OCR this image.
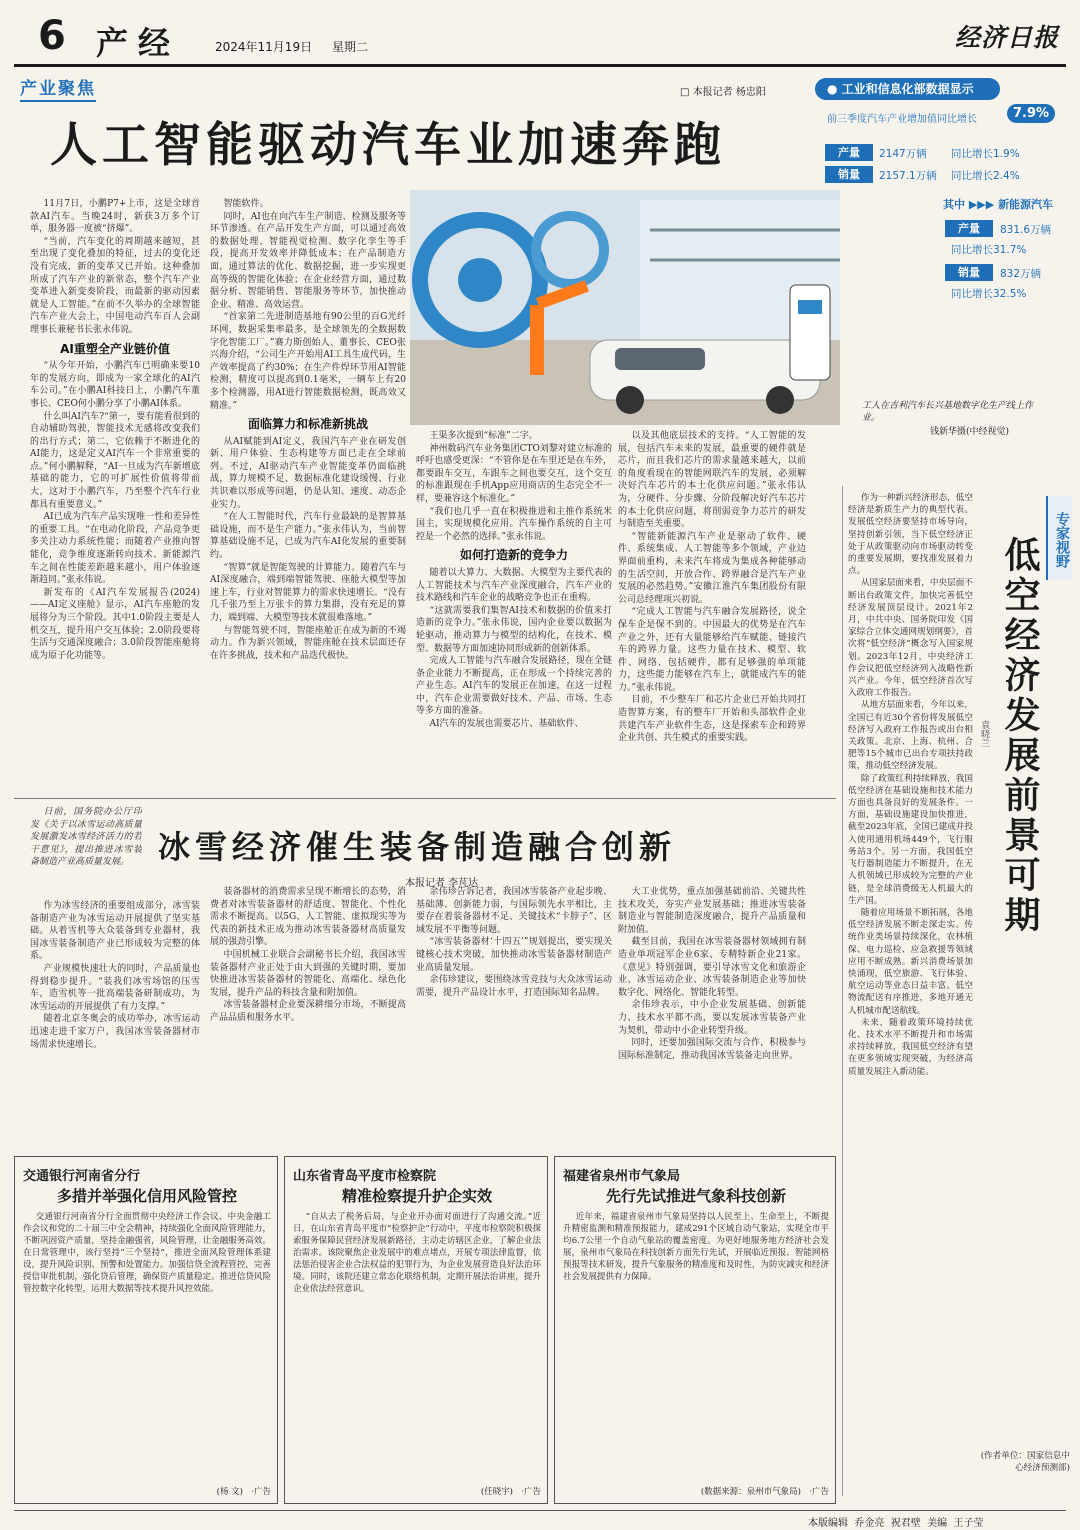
6 产经	2024年11月19日 星期二	经济日报
产业聚焦	□ 本报记者 杨忠阳
人工智能驱动汽车业加速奔跑
● 工业和信息化部数据显示
前三季度汽车产业增加值同比增长	7.9%
产量	2147万辆 同比增长1.9%
销量	2157.1万辆 同比增长2.4%
其中 ▶▶▶ 新能源汽车
产量	831.6万辆
同比增长31.7%
销量	832万辆
同比增长32.5%

11月7日，小鹏P7+上市，这是全球首款AI汽车。当晚24时，新获3万多个订单，服务器一度被“挤爆”。

“当前，汽车变化的周期越来越短，甚至出现了变化叠加的特征，过去的变化还没有完成，新的变革又已开始。这种叠加所成了汽车产业的新常态，整个汽车产业变革进入新变奏阶段，而最新的驱动因素就是人工智能。”在前不久举办的全球智能汽车产业大会上，中国电动汽车百人会副理事长兼秘书长张永伟说。

AI重塑全产业链价值

“从今年开始，小鹏汽车已明确来要10年的发展方向，即成为一家全球化的AI汽车公司。”在小鹏AI科技日上，小鹏汽车董事长、CEO何小鹏分享了小鹏AI体系。

什么叫AI汽车?“第一，要有能看很到的自动辅助驾驶，智能技术无感将改变我们的出行方式；第二，它依赖于不断进化的AI能力，这是定义AI汽车一个非常重要的点。”何小鹏解释，“AI一旦成为汽车新增底基础的能力，它的可扩展性价值将带前大，这对于小鹏汽车，乃至整个汽车行业都具有重要意义。”

AI已成为汽车产品实现唯一性和差异性的重要工具。“在电动化阶段，产品竞争更多关注动力系统性能；而随着产业推向智能化，竞争维度逐渐转向技术、新能源汽车之间在性能差距越来越小，用户体验逐渐趋同。”张永伟说。

新发布的《AI汽车发展报告(2024)——AI定义座舱》显示，AI汽车座舱的发展将分为三个阶段。其中1.0阶段主要是人机交互，提升用户交互体验；2.0阶段要将生活与交通深度融合；3.0阶段智能座舱将成为原子化功能等。

智能软件。

同时，AI也在向汽车生产制造、检测及服务等环节渗透。在产品开发生产方面，可以通过高效的数据处理、智能视觉检测、数字化孪生等手段，提高开发效率并降低成本；在产品制造方面，通过算法的优化、数据挖掘，进一步实现更高等级的智能化体验；在企业经营方面，通过数据分析、智能销售、智能服务等环节，加快推动企业、精准、高效运营。

“首家第二先进制造基地有90公里的百G光纤环网，数据采集率最多，是全球领先的全数据数字化智能工厂。”赛力斯创始人、董事长、CEO张兴海介绍，“公司生产开始用AI工具生成代码，生产效率提高了约30%；在生产件焊环节用AI智能检测，精度可以提高到0.1毫米，一辆车上有20多个检测器，用AI进行智能数据检测，既高效又精准。”

面临算力和标准新挑战

从AI赋能到AI定义，我国汽车产业在研发创新、用户体验、生态构建等方面已走在全球前列。不过，AI驱动汽车产业智能变革仍面临挑战，算力规模不足、数据标准化建设缓慢、行业共识难以形成等问题，仍是认知、速度、动态企业实力。

“在人工智能时代，汽车行业最缺的是智算基础设施，而不是生产能力。”张永伟认为，当前智算基础设施不足，已成为汽车AI化发展的重要制约。

“智算”就是智能驾驶的计算能力。随着汽车与AI深度融合，端到端智能驾驶、座舱大模型等加速上车，行业对智能算力的需求快速增长。“没有几千张乃至上万张卡的算力集群，没有充足的算力，端到端、大模型等技术就很难落地。”

与智能驾驶不同，智能座舱正在成为新的不竭动力。作为新兴领域，智能座舱在技术层面还存在许多挑战，技术和产品迭代极快。

工人在吉利汽车长兴基地数字化生产线上作业。
钱新华摄(中经视觉)

王渠多次提到“标准”二字。

神州数码汽车业务集团CTO刘黎对建立标准的呼吁也感受更深：“不管你是在车里还是在车外，都要跟车交互，车跟车之间也要交互，这个交互的标准跟现在手机App应用商店的生态完全不一样，要兼容这个标准化。”

“我们也几乎一直在积极推进和主推作系统米国主，实现规模化应用。汽车操作系统的自主可控是一个必然的选择。”张永伟说。

如何打造新的竞争力

随着以大算力、大数据、大模型为主要代表的人工智能技术与汽车产业深度融合，汽车产业的技术路线和汽车企业的战略竞争也正在重构。

“这就需要我们集智AI技术和数据的价值来打造新的竞争力。”张永伟说，国内企业要以数据为轮驱动，推动算力与模型的结构化，在技术、模型、数据等方面加速协同形成新的创新体系。

完成人工智能与汽车融合发展路径，现在全链条企业能力不断提高，正在形成一个持续完善的产业生态。AI汽车的发展正在加速，在这一过程中，汽车企业需要做好技术、产品、市场、生态等多方面的准备。

AI汽车的发展也需要芯片、基础软件、

以及其他底层技术的支持。“人工智能的发展，包括汽车未来的发展，最重要的硬件就是芯片，而且我们芯片的需求量越来越大，以前的角度看现在的智能网联汽车的发展，必须解决好汽车芯片的本土化供应问题。”张永伟认为，分硬件、分步骤、分阶段解决好汽车芯片的本土化供应问题，将削弱竞争力芯片的研发与制造至关重要。

“智能新能源汽车产业是驱动了软件、硬件、系统集成、人工智能等多个领域，产业边界面前重构，未来汽车将成为集成各种能够动的生活空间，开放合作、跨界融合是汽车产业发展的必然趋势。”安徽江淮汽车集团股份有限公司总经理项兴初说。

“完成人工智能与汽车融合发展路径，说全保车企是保不到的。中国最大的优势是在汽车产业之外，还有大量能够给汽车赋能、链接汽车的跨界力量。这些力量在技术、模型、软件、网络、包括硬件，都有足够强的单项能力，这些能力能够在汽车上，就能成汽车的能力。”张永伟说。

目前，不少整车厂和芯片企业已开始共同打造智算方案，有的整车厂开始和头部软件企业共建汽车产业软件生态，这是探索车企和跨界企业共创、共生模式的重要实践。

专家视野
低空经济发展前景可期
袁晓兰

作为一种新兴经济形态，低空经济是新质生产力的典型代表。发展低空经济要坚持市场导向，坚持创新引领，当下低空经济正处于从政策驱动向市场驱动转变的重要发展期，要找准发展着力点。

从国家层面来看，中央层面不断出台政策文件，加快完善低空经济发展顶层设计。2021年2月，中共中央、国务院印发《国家综合立体交通网规划纲要》，首次将“低空经济”概念写入国家规划。2023年12月，中央经济工作会议把低空经济列入战略性新兴产业。今年，低空经济首次写入政府工作报告。

从地方层面来看，今年以来，全国已有近30个省份将发展低空经济写入政府工作报告或出台相关政策。北京、上海、杭州、合肥等15个城市已出台专项扶持政策，推动低空经济发展。

除了政策红利持续释放，我国低空经济在基础设施和技术能力方面也具备良好的发展条件。一方面，基础设施建设加快推进，截至2023年底，全国已建成并投入使用通用机场449个，飞行服务站3个。另一方面，我国低空飞行器制造能力不断提升，在无人机领域已形成较为完整的产业链，是全球消费级无人机最大的生产国。

随着应用场景不断拓展，各地低空经济发展不断走深走实。传统作业类场景持续深化，农林植保、电力巡检、应急救援等领域应用不断成熟。新兴消费场景加快涌现，低空旅游、飞行体验、航空运动等业态日益丰富。低空物流配送有序推进，多地开通无人机城市配送航线。

未来，随着政策环境持续优化、技术水平不断提升和市场需求持续释放，我国低空经济有望在更多领域实现突破，为经济高质量发展注入新动能。

(作者单位：国家信息中心经济预测部)

日前，国务院办公厅印发《关于以冰雪运动高质量发展激发冰雪经济活力的若干意见》，提出推进冰雪装备制造产业高质量发展。 冰雪经济催生装备制造融合创新
本报记者 李芃达

作为冰雪经济的重要组成部分，冰雪装备制造产业为冰雪运动开展提供了坚实基础。从着雪机等大众装备到专业器材，我国冰雪装备制造产业已形成较为完整的体系。

产业规模快速壮大的同时，产品质量也得到稳步提升。“装我们冰雪场馆的压雪车，造雪机等一批高端装备研制成功，为冰雪运动的开展提供了有力支撑。”

随着北京冬奥会的成功举办，冰雪运动迅速走进千家万户，我国冰雪装备器材市场需求快速增长。

装备器材的消费需求呈现不断增长的态势，消费者对冰雪装备器材的舒适度、智能化、个性化需求不断提高。以5G、人工智能、虚拟现实等为代表的新技术正成为推动冰雪装备器材高质量发展的强劲引擎。

中国机械工业联合会副秘书长介绍，我国冰雪装备器材产业正处于由大到强的关键时期，要加快推进冰雪装备器材的智能化、高端化、绿色化发展，提升产品的科技含量和附加值。

冰雪装备器材企业要深耕细分市场，不断提高产品品质和服务水平。

余伟珍告诉记者，我国冰雪装备产业起步晚、基础薄、创新能力弱，与国际领先水平相比，主要存在着装备器材不足、关键技术“卡脖子”、区域发展不平衡等问题。

“冰雪装备器材‘十四五’”规划提出，要实现关键核心技术突破，加快推动冰雪装备器材制造产业高质量发展。

余伟珍建议，要围绕冰雪竞技与大众冰雪运动需要，提升产品设计水平，打造国际知名品牌。

大工业优势，重点加强基础前沿、关键共性技术攻关，夯实产业发展基础；推进冰雪装备制造业与智能制造深度融合，提升产品质量和附加值。

截至目前，我国在冰雪装备器材领域拥有制造业单项冠军企业6家、专精特新企业21家。《意见》特别强调，要引导冰雪文化和旅游企业、冰雪运动企业、冰雪装备制造企业等加快数字化、网络化、智能化转型。

余伟珍表示，中小企业发展基础、创新能力、技术水平都不高，要以发展冰雪装备产业为契机，带动中小企业转型升级。

同时，还要加强国际交流与合作，积极参与国际标准制定，推动我国冰雪装备走向世界。

交通银行河南省分行
多措并举强化信用风险管控

交通银行河南省分行全面贯彻中央经济工作会议、中央金融工作会议和党的二十届三中全会精神，持续强化全面风险管理能力，不断巩固资产质量，坚持金融强省，风险管理，让金融服务高效。在日常管理中，该行坚持“三个坚持”，推进全面风险管理体系建设，提升风险识别、预警和处置能力。加强信贷全流程管控，完善授信审批机制，强化贷后管理，确保资产质量稳定。推进信贷风险管控数字化转型，运用大数据等技术提升风控效能。

(杨 文) ·广告
山东省青岛平度市检察院
精准检察提升护企实效

“自从去了税务后局，与企业开办面对面进行了沟通交流。”近日，在山东省青岛平度市“检察护企”行动中，平度市检察院积极探索服务保障民营经济发展新路径，主动走访辖区企业，了解企业法治需求。该院聚焦企业发展中的难点堵点，开展专项法律监督，依法惩治侵害企业合法权益的犯罪行为，为企业发展营造良好法治环境。同时，该院还建立常态化联络机制，定期开展法治讲座，提升企业依法经营意识。

(任晓宇) ·广告
福建省泉州市气象局
先行先试推进气象科技创新

近年来，福建省泉州市气象局坚持以人民至上、生命至上，不断提升精密监测和精准预报能力，建成291个区域自动气象站，实现全市平均6.7公里一个自动气象站的覆盖密度。为更好地服务地方经济社会发展，泉州市气象局在科技创新方面先行先试，开展临近预报、智能网格预报等技术研发，提升气象服务的精准度和及时性，为防灾减灾和经济社会发展提供有力保障。

(数据来源：泉州市气象局) ·广告
本版编辑  乔金亮  祝君壁  美编  王子莹
